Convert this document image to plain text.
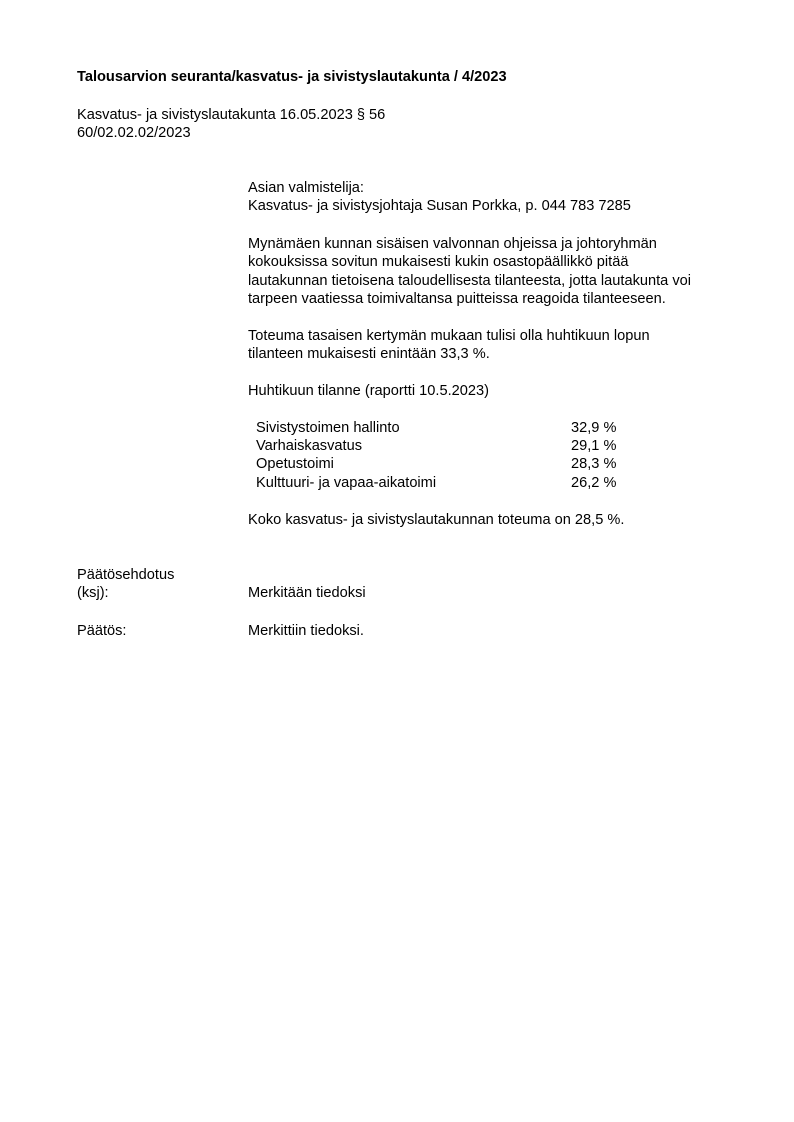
Talousarvion seuranta/kasvatus- ja sivistyslautakunta / 4/2023
Kasvatus- ja sivistyslautakunta 16.05.2023 § 56
60/02.02.02/2023
Asian valmistelija:
Kasvatus- ja sivistysjohtaja Susan Porkka, p. 044 783 7285
Mynämäen kunnan sisäisen valvonnan ohjeissa ja johtoryhmän
kokouksissa sovitun mukaisesti kukin osastopäällikkö pitää
lautakunnan tietoisena taloudellisesta tilanteesta, jotta lautakunta voi
tarpeen vaatiessa toimivaltansa puitteissa reagoida tilanteeseen.
Toteuma tasaisen kertymän mukaan tulisi olla huhtikuun lopun
tilanteen mukaisesti enintään 33,3 %.
Huhtikuun tilanne (raportti 10.5.2023)
Sivistystoimen hallinto	32,9 %
Varhaiskasvatus	29,1 %
Opetustoimi	28,3 %
Kulttuuri- ja vapaa-aikatoimi	26,2 %
Koko kasvatus- ja sivistyslautakunnan toteuma on 28,5 %.
Päätösehdotus
(ksj):	Merkitään tiedoksi
Päätös:	Merkittiin tiedoksi.
